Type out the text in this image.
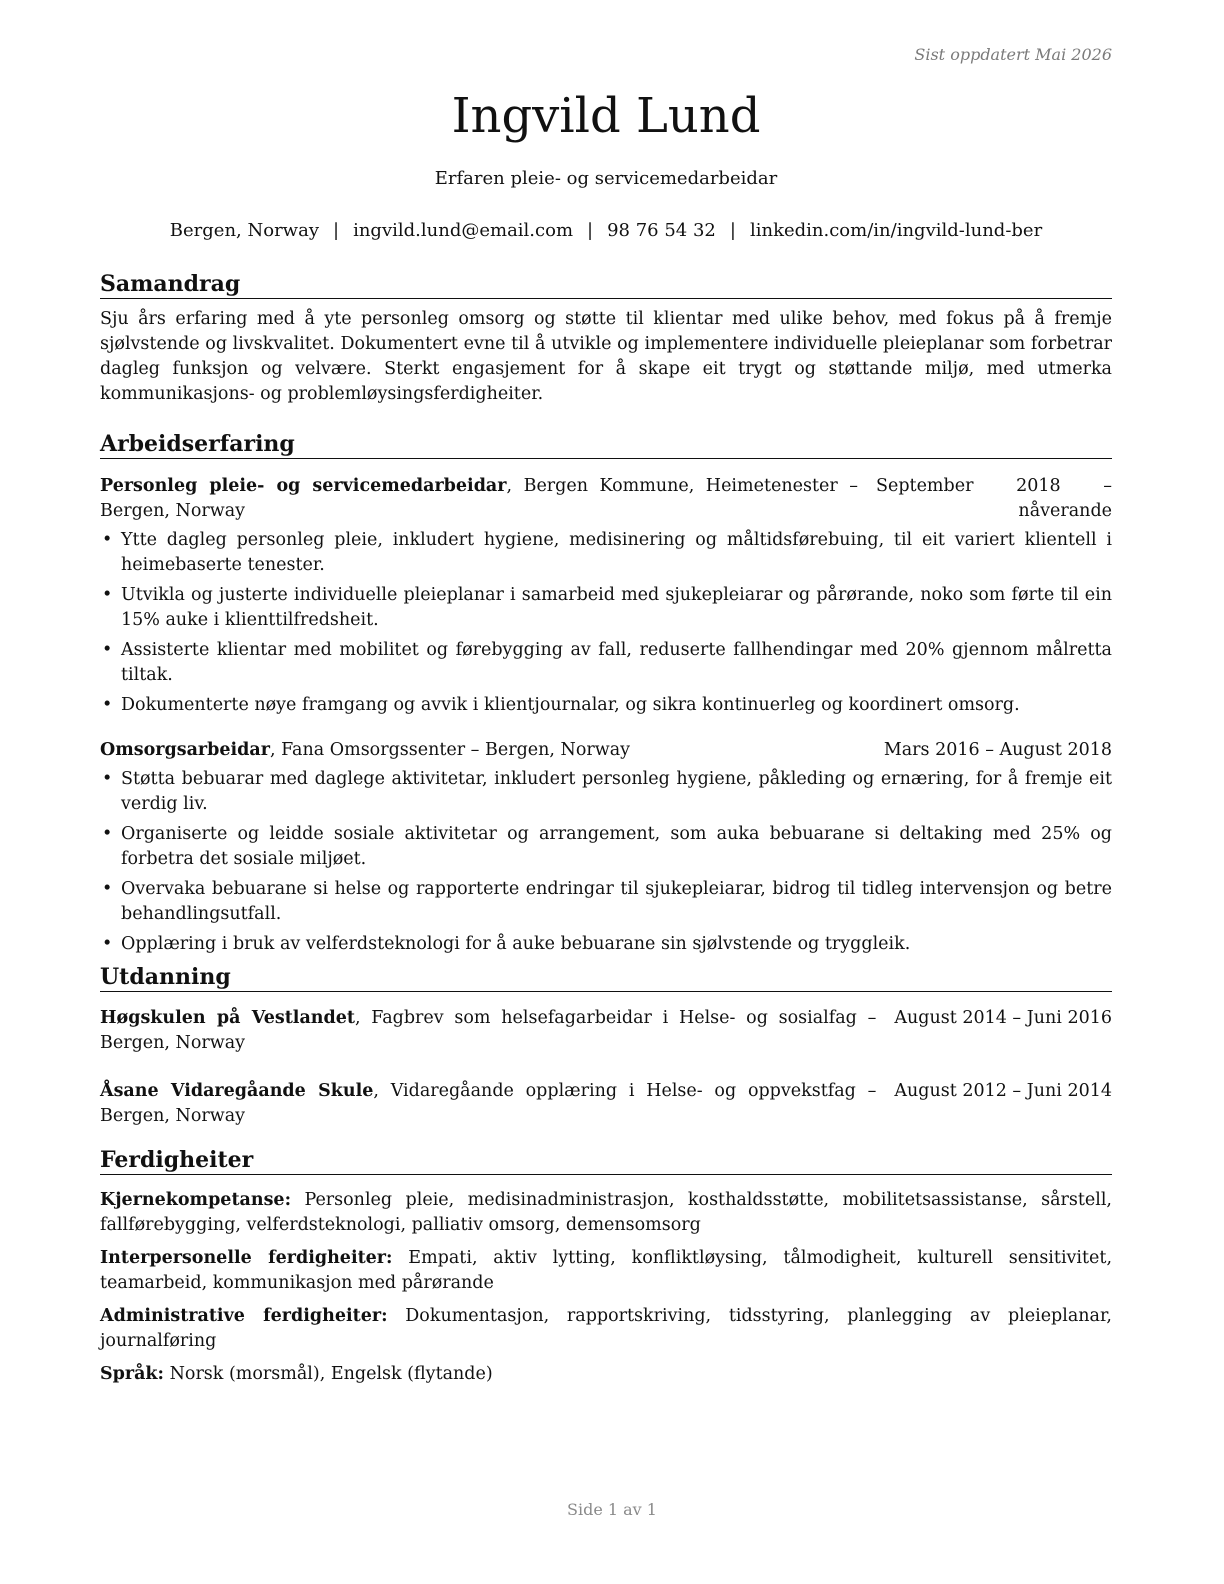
Sist oppdatert Mai 2026
Ingvild Lund
Erfaren pleie- og servicemedarbeidar
Bergen, Norway | ingvild.lund@email.com | 98 76 54 32 | linkedin.com/in/ingvild-lund-ber
Samandrag

Sju års erfaring med å yte personleg omsorg og støtte til klientar med ulike behov, med fokus på å fremje sjølvstende og livskvalitet. Dokumentert evne til å utvikle og implementere individuelle pleieplanar som forbetrar dagleg funksjon og velvære. Sterkt engasjement for å skape eit trygt og støttande miljø, med utmerka kommunikasjons- og problemløysingsferdigheiter.

Arbeidserfaring
Personleg pleie- og servicemedarbeidar, Bergen Kommune, Heimetenester – Bergen, Norway
September 2018 – nåverande
• Ytte dagleg personleg pleie, inkludert hygiene, medisinering og måltidsførebuing, til eit variert klientell i heimebaserte tenester.
• Utvikla og justerte individuelle pleieplanar i samarbeid med sjukepleiarar og pårørande, noko som førte til ein 15% auke i klienttilfredsheit.
• Assisterte klientar med mobilitet og førebygging av fall, reduserte fallhendingar med 20% gjennom målretta tiltak.
• Dokumenterte nøye framgang og avvik i klientjournalar, og sikra kontinuerleg og koordinert omsorg.
Omsorgsarbeidar, Fana Omsorgssenter – Bergen, Norway	Mars 2016 – August 2018
• Støtta bebuarar med daglege aktivitetar, inkludert personleg hygiene, påkleding og ernæring, for å fremje eit verdig liv.
• Organiserte og leidde sosiale aktivitetar og arrangement, som auka bebuarane si deltaking med 25% og forbetra det sosiale miljøet.
• Overvaka bebuarane si helse og rapporterte endringar til sjukepleiarar, bidrog til tidleg intervensjon og betre behandlingsutfall.
• Opplæring i bruk av velferdsteknologi for å auke bebuarane sin sjølvstende og tryggleik.
Utdanning
Høgskulen på Vestlandet, Fagbrev som helsefagarbeidar i Helse- og sosialfag – Bergen, Norway
August 2014 – Juni 2016
Åsane Vidaregåande Skule, Vidaregåande opplæring i Helse- og oppvekstfag – Bergen, Norway
August 2012 – Juni 2014
Ferdigheiter
Kjernekompetanse: Personleg pleie, medisinadministrasjon, kosthaldsstøtte, mobilitetsassistanse, sårstell, fallførebygging, velferdsteknologi, palliativ omsorg, demensomsorg
Interpersonelle ferdigheiter: Empati, aktiv lytting, konfliktløysing, tålmodigheit, kulturell sensitivitet, teamarbeid, kommunikasjon med pårørande
Administrative ferdigheiter: Dokumentasjon, rapportskriving, tidsstyring, planlegging av pleieplanar, journalføring
Språk: Norsk (morsmål), Engelsk (flytande)
Side 1 av 1
